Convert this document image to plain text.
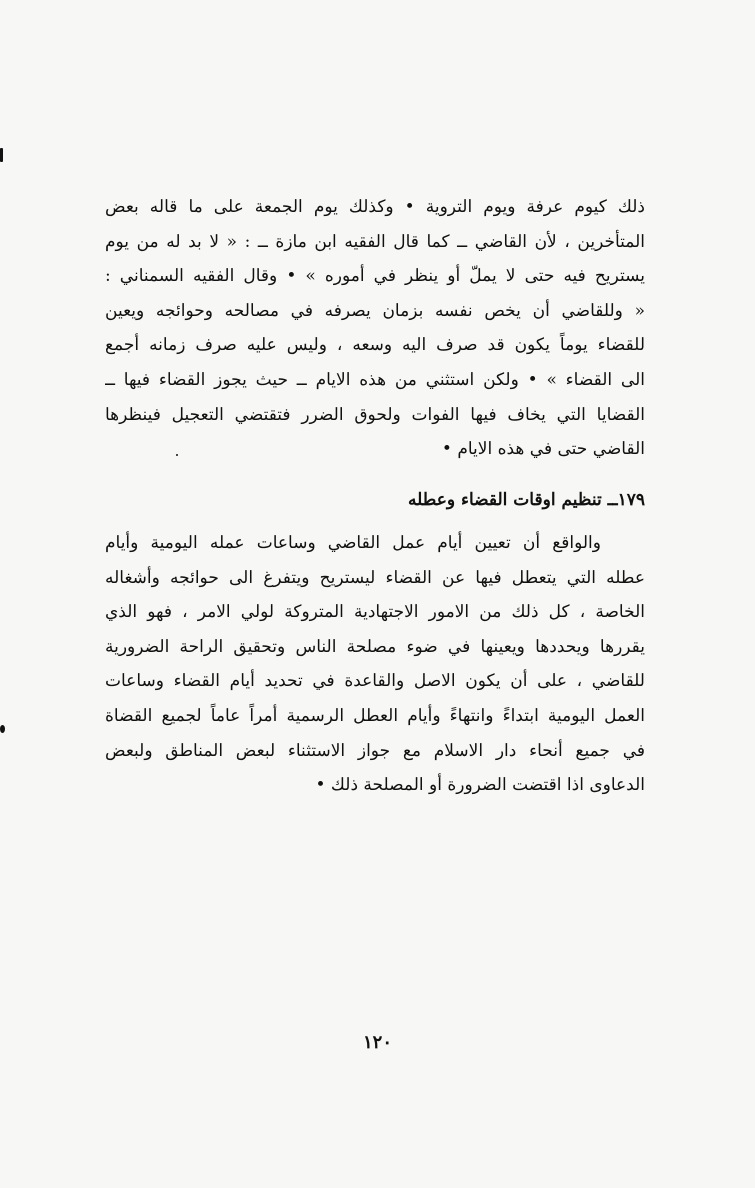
ذلك كيوم عرفة ويوم التروية • وكذلك يوم الجمعة على ما قاله بعض
المتأخرين ، لأن القاضي ــ كما قال الفقيه ابن مازة ــ : « لا بد له من يوم
يستريح فيه حتى لا يملّ أو ينظر في أموره » • وقال الفقيه السمناني :
« وللقاضي أن يخص نفسه بزمان يصرفه في مصالحه وحوائجه ويعين
للقضاء يوماً يكون قد صرف اليه وسعه ، وليس عليه صرف زمانه أجمع
الى القضاء » • ولكن استثني من هذه الايام ــ حيث يجوز القضاء فيها ــ
القضايا التي يخاف فيها الفوات ولحوق الضرر فتقتضي التعجيل فينظرها
القاضي حتى في هذه الايام •
١٧٩ــ تنظيم اوقات القضاء وعطله
والواقع أن تعيين أيام عمل القاضي وساعات عمله اليومية وأيام
عطله التي يتعطل فيها عن القضاء ليستريح ويتفرغ الى حوائجه وأشغاله
الخاصة ، كل ذلك من الامور الاجتهادية المتروكة لولي الامر ، فهو الذي
يقررها ويحددها ويعينها في ضوء مصلحة الناس وتحقيق الراحة الضرورية
للقاضي ، على أن يكون الاصل والقاعدة في تحديد أيام القضاء وساعات
العمل اليومية ابتداءً وانتهاءً وأيام العطل الرسمية أمراً عاماً لجميع القضاة
في جميع أنحاء دار الاسلام مع جواز الاستثناء لبعض المناطق ولبعض
الدعاوى اذا اقتضت الضرورة أو المصلحة ذلك •
١٢٠
